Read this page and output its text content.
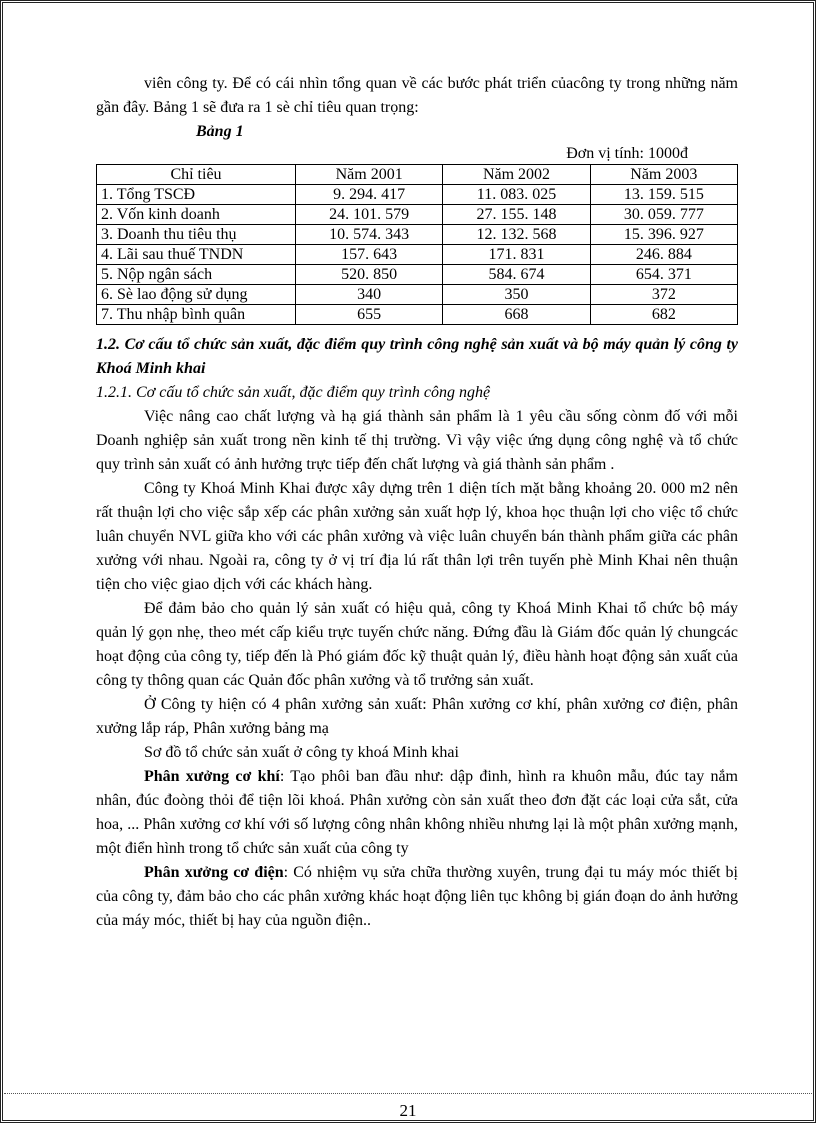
viên công ty. Để có cái nhìn tổng quan về các bước phát triển củacông ty trong những năm gần đây. Bảng 1 sẽ đưa ra 1 sè chỉ tiêu quan trọng:

Bảng 1

Đơn vị tính: 1000đ

Chỉ tiêu	Năm 2001	Năm 2002	Năm 2003
1. Tổng TSCĐ	9. 294. 417	11. 083. 025	13. 159. 515
2. Vốn kinh doanh	24. 101. 579	27. 155. 148	30. 059. 777
3. Doanh thu tiêu thụ	10. 574. 343	12. 132. 568	15. 396. 927
4. Lãi sau thuế TNDN	157. 643	171. 831	246. 884
5. Nộp ngân sách	520. 850	584. 674	654. 371
6. Sè lao động sử dụng	340	350	372
7. Thu nhập bình quân	655	668	682

1.2. Cơ cấu tổ chức sản xuất, đặc điểm quy trình công nghệ sản xuất và bộ máy quản lý công ty Khoá Minh khai

1.2.1. Cơ cấu tổ chức sản xuất, đặc điểm quy trình công nghệ

Việc nâng cao chất lượng và hạ giá thành sản phẩm là 1 yêu cầu sống cònm đố với mỗi Doanh nghiệp sản xuất trong nền kinh tế thị trường. Vì vậy việc ứng dụng công nghệ và tổ chức quy trình sản xuất có ảnh hưởng trực tiếp đến chất lượng và giá thành sản phẩm .

Công ty Khoá Minh Khai được xây dựng trên 1 diện tích mặt bằng khoảng 20. 000 m2 nên rất thuận lợi cho việc sắp xếp các phân xưởng sản xuất hợp lý, khoa học thuận lợi cho việc tổ chức luân chuyển NVL giữa kho với các phân xưởng và việc luân chuyển bán thành phẩm giữa các phân xưởng với nhau. Ngoài ra, công ty ở vị trí địa lú rất thân lợi trên tuyến phè Minh Khai nên thuận tiện cho việc giao dịch với các khách hàng.

Để đảm bảo cho quản lý sản xuất có hiệu quả, công ty Khoá Minh Khai tổ chức bộ máy quản lý gọn nhẹ, theo mét cấp kiểu trực tuyến chức năng. Đứng đầu là Giám đốc quản lý chungcác hoạt động của công ty, tiếp đến là Phó giám đốc kỹ thuật quản lý, điều hành hoạt động sản xuất của công ty thông quan các Quản đốc phân xưởng và tổ trưởng sản xuất.

Ở Công ty hiện có 4 phân xưởng sản xuất: Phân xưởng cơ khí, phân xưởng cơ điện, phân xưởng lắp ráp, Phân xưởng bảng mạ

Sơ đồ tổ chức sản xuất ở công ty khoá Minh khai

Phân xưởng cơ khí: Tạo phôi ban đầu như: dập đinh, hình ra khuôn mẫu, đúc tay nắm nhân, đúc đoòng thỏi để tiện lõi khoá. Phân xưởng còn sản xuất theo đơn đặt các loại cửa sắt, cửa hoa, ... Phân xưởng cơ khí với số lượng công nhân không nhiều nhưng lại là một phân xưởng mạnh, một điển hình trong tổ chức sản xuất của công ty

Phân xưởng cơ điện: Có nhiệm vụ sửa chữa thường xuyên, trung đại tu máy móc thiết bị của công ty, đảm bảo cho các phân xưởng khác hoạt động liên tục không bị gián đoạn do ảnh hưởng của máy móc, thiết bị hay của nguồn điện..

21
